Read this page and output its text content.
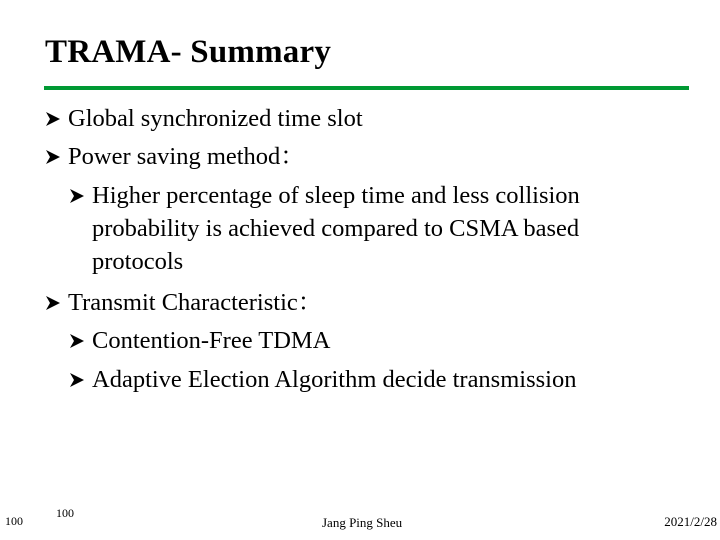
TRAMA- Summary
Global synchronized time slot
Power saving method：
Higher percentage of sleep time and less collision probability is achieved compared to CSMA based protocols
Transmit Characteristic：
Contention-Free TDMA
Adaptive Election Algorithm decide transmission
100
100
Jang Ping Sheu	2021/2/28
